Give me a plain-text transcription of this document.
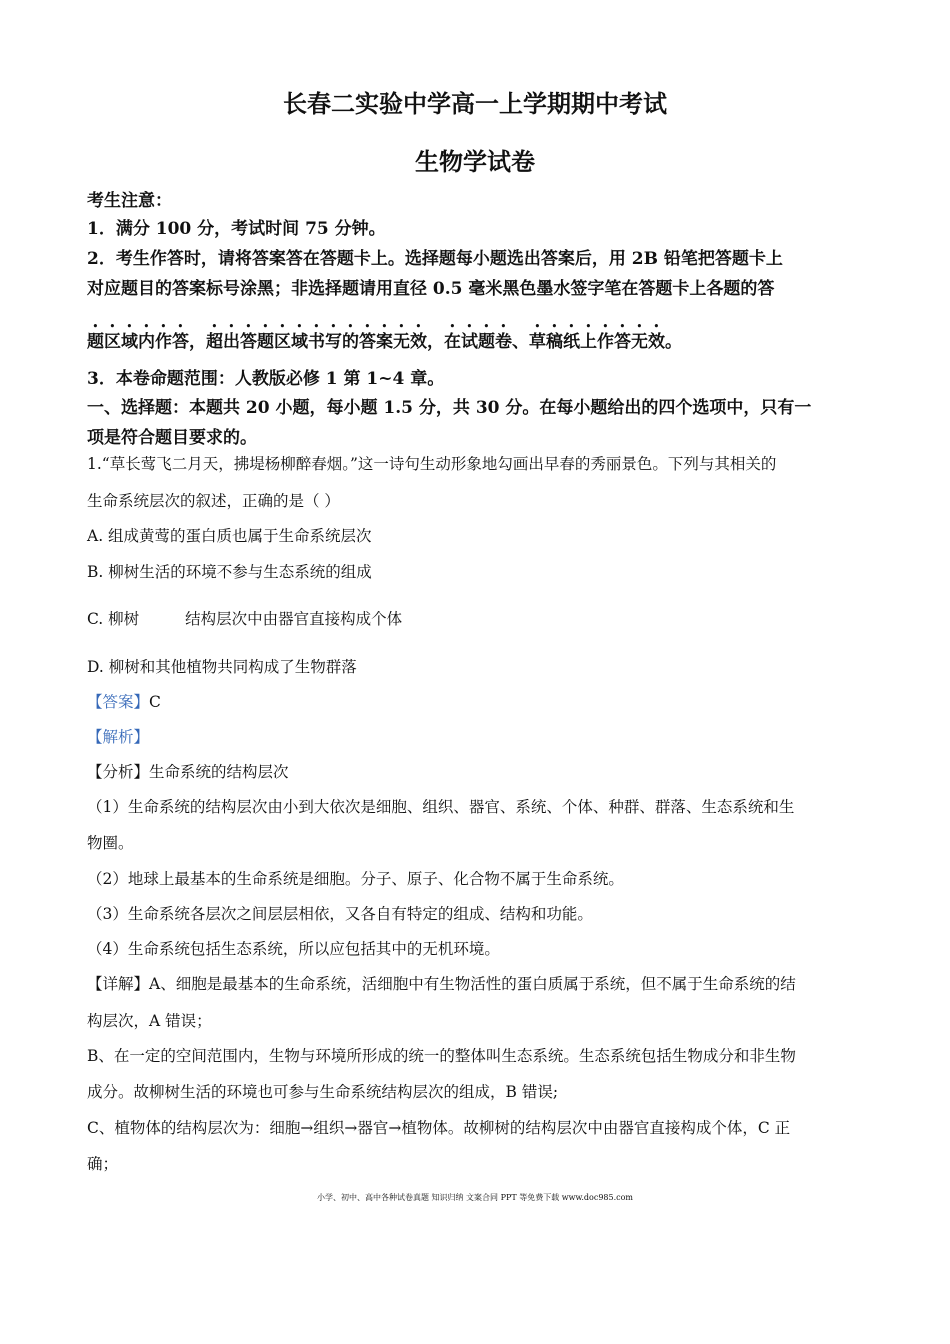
长春二实验中学高一上学期期中考试
生物学试卷
考生注意：
1．满分 100 分，考试时间 75 分钟。
2．考生作答时，请将答案答在答题卡上。选择题每小题选出答案后，用 2B 铅笔把答题卡上
对应题目的答案标号涂黑；非选择题请用直径 0.5 毫米黑色墨水签字笔在答题卡上各题的答
题区域内作答，超出答题区域书写的答案无效，在试题卷、草稿纸上作答无效。
3．本卷命题范围：人教版必修 1 第 1~4 章。
一、选择题：本题共 20 小题，每小题 1.5 分，共 30 分。在每小题给出的四个选项中，只有一
项是符合题目要求的。
1.“草长莺飞二月天，拂堤杨柳醉春烟。”这一诗句生动形象地勾画出早春的秀丽景色。下列与其相关的
生命系统层次的叙述，正确的是（ ）
A. 组成黄莺的蛋白质也属于生命系统层次
B. 柳树生活的环境不参与生态系统的组成
C. 柳树	结构层次中由器官直接构成个体
D. 柳树和其他植物共同构成了生物群落
【答案】C
【解析】
【分析】生命系统的结构层次
（1）生命系统的结构层次由小到大依次是细胞、组织、器官、系统、个体、种群、群落、生态系统和生
物圈。
（2）地球上最基本的生命系统是细胞。分子、原子、化合物不属于生命系统。
（3）生命系统各层次之间层层相依，又各自有特定的组成、结构和功能。
（4）生命系统包括生态系统，所以应包括其中的无机环境。
【详解】A、细胞是最基本的生命系统，活细胞中有生物活性的蛋白质属于系统，但不属于生命系统的结
构层次，A 错误；
B、在一定的空间范围内，生物与环境所形成的统一的整体叫生态系统。生态系统包括生物成分和非生物
成分。故柳树生活的环境也可参与生命系统结构层次的组成，B 错误;
C、植物体的结构层次为：细胞→组织→器官→植物体。故柳树的结构层次中由器官直接构成个体，C 正
确；
小学、初中、高中各种试卷真题 知识归纳 文案合同 PPT 等免费下载 www.doc985.com
